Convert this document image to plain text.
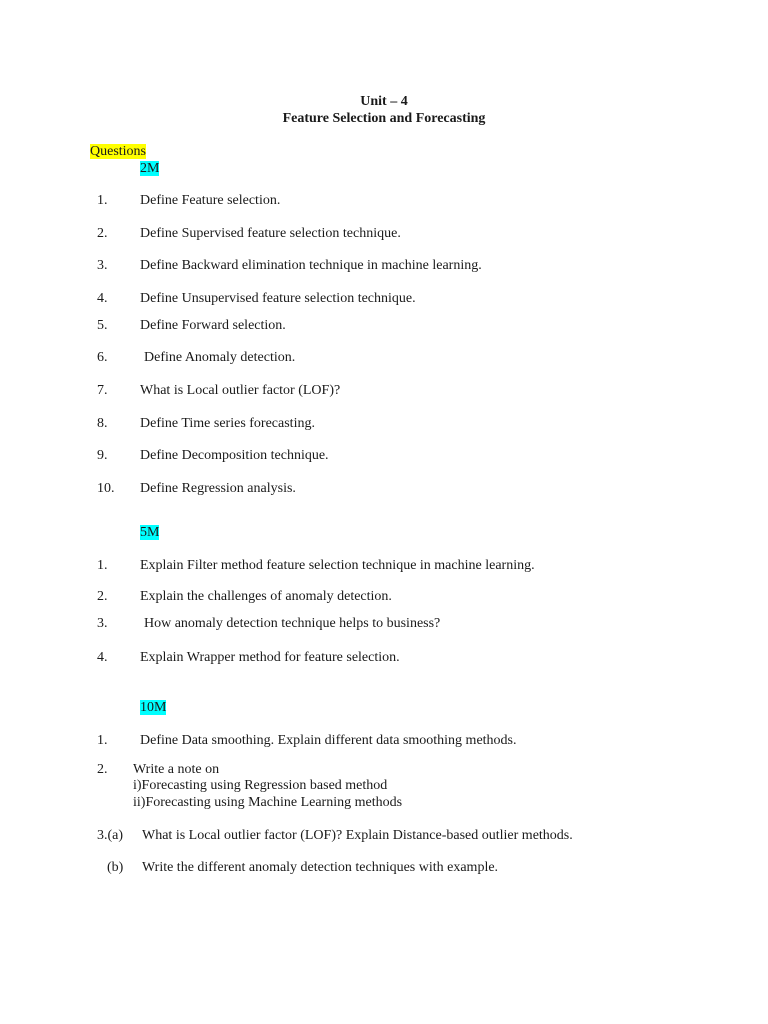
Unit – 4
Feature Selection and Forecasting
Questions
2M
1. Define Feature selection.
2. Define Supervised feature selection technique.
3. Define Backward elimination technique in machine learning.
4. Define Unsupervised feature selection technique.
5. Define Forward selection.
6.	Define Anomaly detection.
7. What is Local outlier factor (LOF)?
8. Define Time series forecasting.
9. Define Decomposition technique.
10. Define Regression analysis.
5M
1. Explain Filter method feature selection technique in machine learning.
2. Explain the challenges of anomaly detection.
3.	How anomaly detection technique helps to business?
4. Explain Wrapper method for feature selection.
10M
1. Define Data smoothing. Explain different data smoothing methods.
2. Write a note on
i)Forecasting using Regression based method
ii)Forecasting using Machine Learning methods
3.(a) What is Local outlier factor (LOF)? Explain Distance-based outlier methods.
(b) Write the different anomaly detection techniques with example.
